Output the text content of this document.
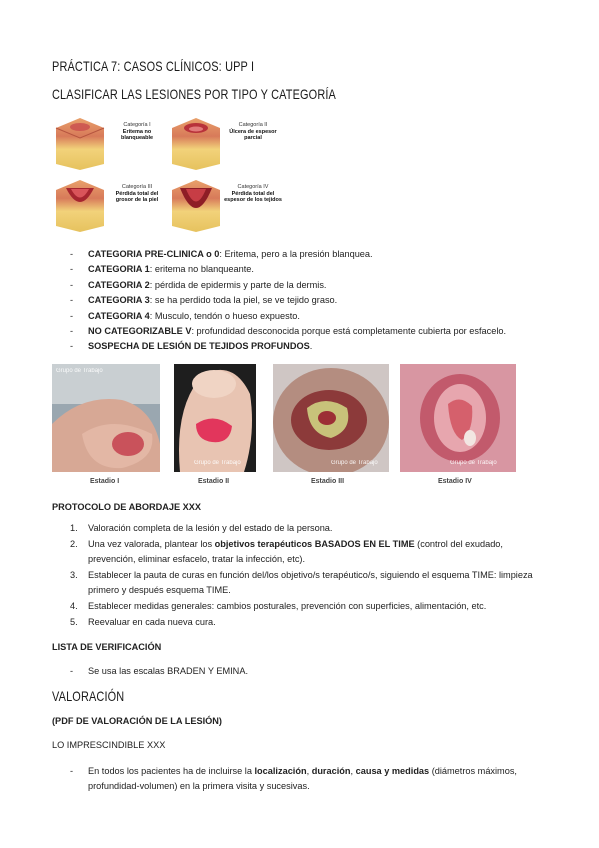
PRÁCTICA 7: CASOS CLÍNICOS: UPP I
CLASIFICAR LAS LESIONES POR TIPO Y CATEGORÍA
Categoría I
Eritema no blanqueable
Categoría II
Úlcera de espesor parcial
Categoría III
Pérdida total del grosor de la piel
Categoría IV
Pérdida total del espesor de los tejidos
- CATEGORIA PRE-CLINICA o 0: Eritema, pero a la presión blanquea.
- CATEGORIA 1: eritema no blanqueante.
- CATEGORIA 2: pérdida de epidermis y parte de la dermis.
- CATEGORIA 3: se ha perdido toda la piel, se ve tejido graso.
- CATEGORIA 4: Musculo, tendón o hueso expuesto.
- NO CATEGORIZABLE V: profundidad desconocida porque está completamente cubierta por esfacelo.
- SOSPECHA DE LESIÓN DE TEJIDOS PROFUNDOS.
Grupo de Trabajo
Estadio I
Grupo de Trabajo
Estadio II
Grupo de Trabajo
Estadio III
Grupo de Trabajo
Estadio IV
PROTOCOLO DE ABORDAJE XXX
1. Valoración completa de la lesión y del estado de la persona.
2. Una vez valorada, plantear los objetivos terapéuticos BASADOS EN EL TIME (control del exudado, prevención, eliminar esfacelo, tratar la infección, etc).
3. Establecer la pauta de curas en función del/los objetivo/s terapéutico/s, siguiendo el esquema TIME: limpieza primero y después esquema TIME.
4. Establecer medidas generales: cambios posturales, prevención con superficies, alimentación, etc.
5. Reevaluar en cada nueva cura.
LISTA DE VERIFICACIÓN
- Se usa las escalas BRADEN Y EMINA.
VALORACIÓN
(PDF DE VALORACIÓN DE LA LESIÓN)
LO IMPRESCINDIBLE XXX
- En todos los pacientes ha de incluirse la localización, duración, causa y medidas (diámetros máximos, profundidad-volumen) en la primera visita y sucesivas.
